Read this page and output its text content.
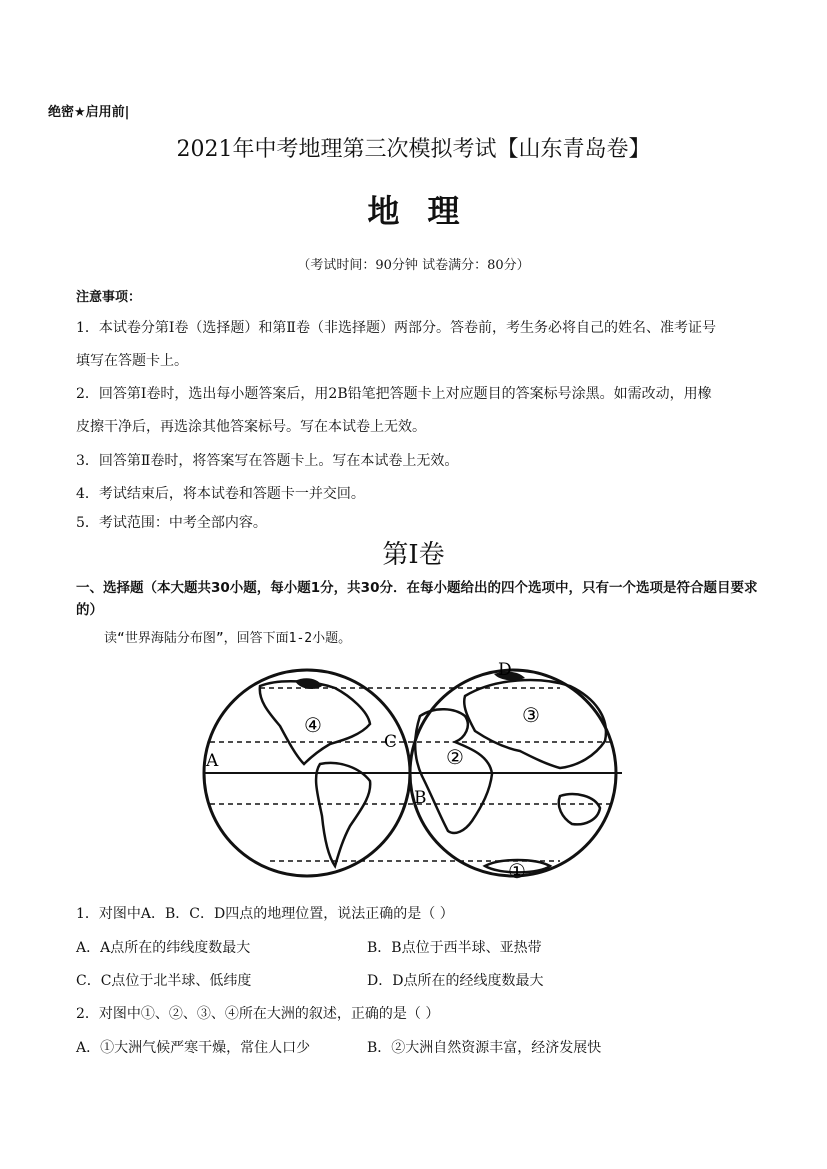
绝密★启用前|
2021年中考地理第三次模拟考试【山东青岛卷】
地理
（考试时间：90分钟 试卷满分：80分）
注意事项：
1．本试卷分第Ⅰ卷（选择题）和第Ⅱ卷（非选择题）两部分。答卷前，考生务必将自己的姓名、准考证号
填写在答题卡上。
2．回答第Ⅰ卷时，选出每小题答案后，用2B铅笔把答题卡上对应题目的答案标号涂黑。如需改动，用橡
皮擦干净后，再选涂其他答案标号。写在本试卷上无效。
3．回答第Ⅱ卷时，将答案写在答题卡上。写在本试卷上无效。
4．考试结束后，将本试卷和答题卡一并交回。
5．考试范围：中考全部内容。
第Ⅰ卷
一、选择题（本大题共30小题，每小题1分，共30分．在每小题给出的四个选项中，只有一个选项是符合题目要求的）
读“世界海陆分布图”，回答下面1-2小题。
A
B
C
D
①
②
③
④
1．对图中A．B．C．D四点的地理位置，说法正确的是（ ）
A．A点所在的纬线度数最大	B．B点位于西半球、亚热带
C．C点位于北半球、低纬度	D．D点所在的经线度数最大
2．对图中①、②、③、④所在大洲的叙述，正确的是（ ）
A．①大洲气候严寒干燥，常住人口少	B．②大洲自然资源丰富，经济发展快
